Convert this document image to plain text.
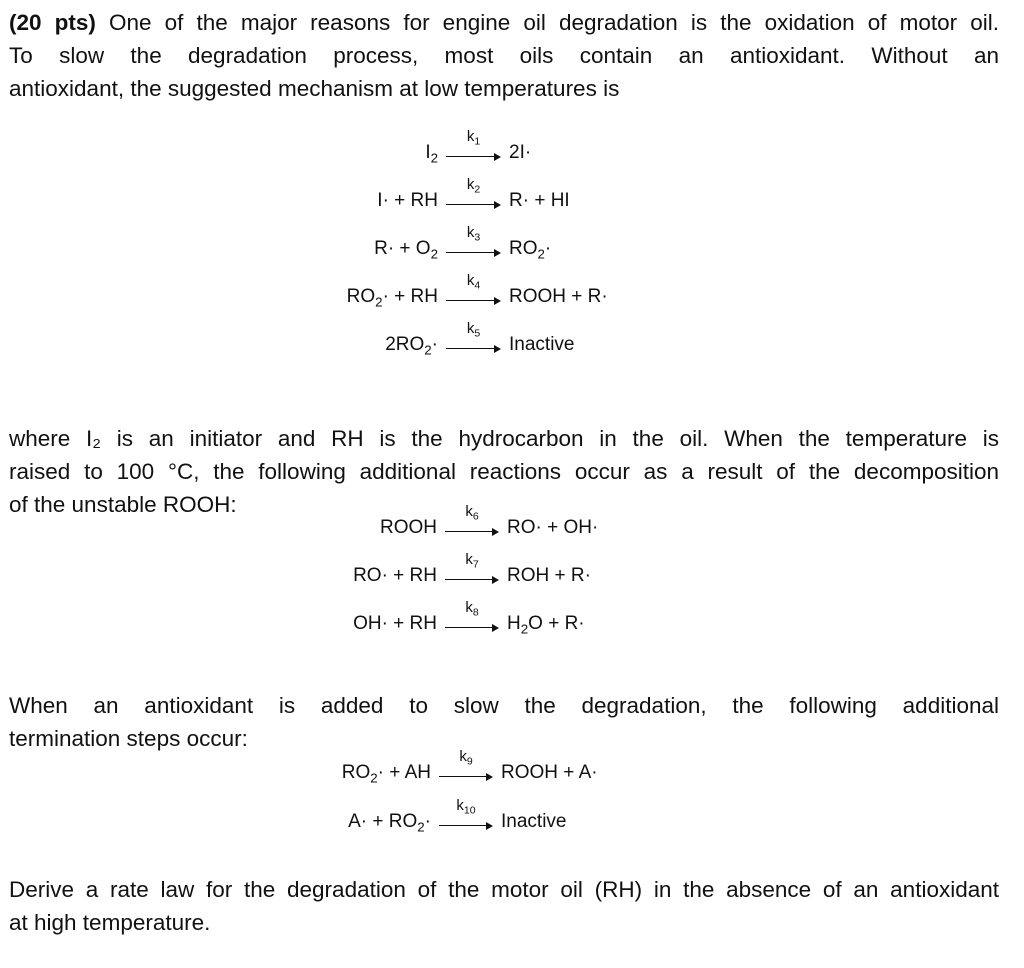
(20 pts) One of the major reasons for engine oil degradation is the oxidation of motor oil.
To slow the degradation process, most oils contain an antioxidant. Without an
antioxidant, the suggested mechanism at low temperatures is
$I_2$
$k_1$
2I·
I· + RH
$k_2$
R· + HI
$R\cdot + O_2$
$k_3$
$RO_2\cdot$
$RO_2\cdot$ + RH
$k_4$
ROOH + R·
$2RO_2\cdot$
$k_5$
Inactive
where I₂ is an initiator and RH is the hydrocarbon in the oil. When the temperature is
raised to 100 °C, the following additional reactions occur as a result of the decomposition
of the unstable ROOH:
ROOH
$k_6$
RO· + OH·
RO· + RH
$k_7$
ROH + R·
OH· + RH
$k_8$
$H_2O + R\cdot$
When an antioxidant is added to slow the degradation, the following additional
termination steps occur:
$RO_2\cdot$ + AH
$k_9$
ROOH + A·
$A\cdot + RO_2\cdot$
$k_{10}$
Inactive
Derive a rate law for the degradation of the motor oil (RH) in the absence of an antioxidant
at high temperature.
